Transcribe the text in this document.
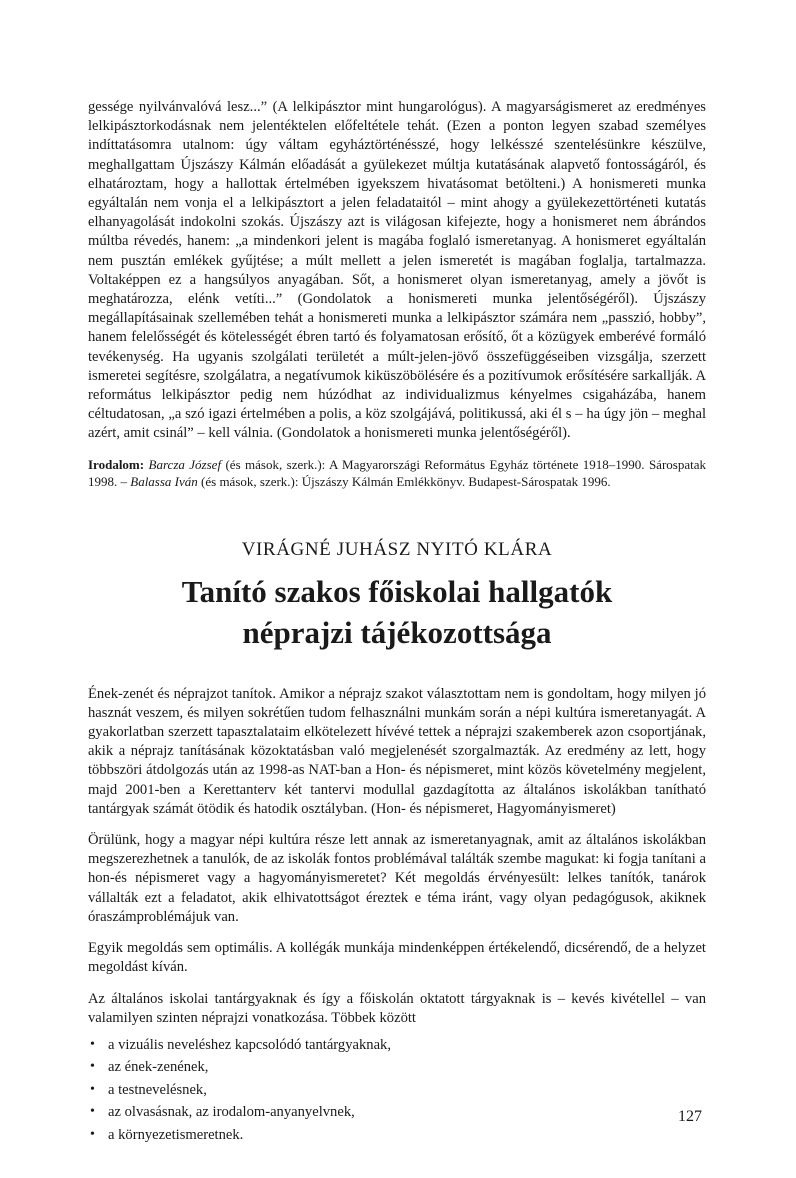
gessége nyilvánvalóvá lesz...” (A lelkipásztor mint hungarológus). A magyarságismeret az eredményes lelkipásztorkodásnak nem jelentéktelen előfeltétele tehát. (Ezen a ponton legyen szabad személyes indíttatásomra utalnom: úgy váltam egyháztörténésszé, hogy lelkésszé szentelésünkre készülve, meghallgattam Újszászy Kálmán előadását a gyülekezet múltja kutatásának alapvető fontosságáról, és elhatároztam, hogy a hallottak értelmében igyekszem hivatásomat betölteni.) A honismereti munka egyáltalán nem vonja el a lelkipásztort a jelen feladataitól – mint ahogy a gyülekezettörténeti kutatás elhanyagolását indokolni szokás. Újszászy azt is világosan kifejezte, hogy a honismeret nem ábrándos múltba révedés, hanem: „a mindenkori jelent is magába foglaló ismeretanyag. A honismeret egyáltalán nem pusztán emlékek gyűjtése; a múlt mellett a jelen ismeretét is magában foglalja, tartalmazza. Voltaképpen ez a hangsúlyos anyagában. Sőt, a honismeret olyan ismeretanyag, amely a jövőt is meghatározza, elénk vetíti...” (Gondolatok a honismereti munka jelentőségéről). Újszászy megállapításainak szellemében tehát a honismereti munka a lelkipásztor számára nem „passzió, hobby”, hanem felelősségét és kötelességét ébren tartó és folyamatosan erősítő, őt a közügyek emberévé formáló tevékenység. Ha ugyanis szolgálati területét a múlt-jelen-jövő összefüggéseiben vizsgálja, szerzett ismeretei segítésre, szolgálatra, a negatívumok kiküszöbölésére és a pozitívumok erősítésére sarkallják. A református lelkipásztor pedig nem húzódhat az individualizmus kényelmes csigaházába, hanem céltudatosan, „a szó igazi értelmében a polis, a köz szolgájává, politikussá, aki él s – ha úgy jön – meghal azért, amit csinál” – kell válnia. (Gondolatok a honismereti munka jelentőségéről).

Irodalom: Barcza József (és mások, szerk.): A Magyarországi Református Egyház története 1918–1990. Sárospatak 1998. – Balassa Iván (és mások, szerk.): Újszászy Kálmán Emlékkönyv. Budapest-Sárospatak 1996.
VIRÁGNÉ JUHÁSZ NYITÓ KLÁRA
Tanító szakos főiskolai hallgatók
néprajzi tájékozottsága

Ének-zenét és néprajzot tanítok. Amikor a néprajz szakot választottam nem is gondoltam, hogy milyen jó hasznát veszem, és milyen sokrétűen tudom felhasználni munkám során a népi kultúra ismeretanyagát. A gyakorlatban szerzett tapasztalataim elkötelezett hívévé tettek a néprajzi szakemberek azon csoportjának, akik a néprajz tanításának közoktatásban való megjelenését szorgalmazták. Az eredmény az lett, hogy többszöri átdolgozás után az 1998-as NAT-ban a Hon- és népismeret, mint közös követelmény megjelent, majd 2001-ben a Kerettanterv két tantervi modullal gazdagította az általános iskolákban tanítható tantárgyak számát ötödik és hatodik osztályban. (Hon- és népismeret, Hagyományismeret)

Örülünk, hogy a magyar népi kultúra része lett annak az ismeretanyagnak, amit az általános iskolákban megszerezhetnek a tanulók, de az iskolák fontos problémával találták szembe magukat: ki fogja tanítani a hon-és népismeret vagy a hagyományismeretet? Két megoldás érvényesült: lelkes tanítók, tanárok vállalták ezt a feladatot, akik elhivatottságot éreztek e téma iránt, vagy olyan pedagógusok, akiknek óraszámproblémájuk van.

Egyik megoldás sem optimális. A kollégák munkája mindenképpen értékelendő, dicsérendő, de a helyzet megoldást kíván.

Az általános iskolai tantárgyaknak és így a főiskolán oktatott tárgyaknak is – kevés kivétellel – van valamilyen szinten néprajzi vonatkozása. Többek között

• a vizuális neveléshez kapcsolódó tantárgyaknak,
• az ének-zenének,
• a testnevelésnek,
• az olvasásnak, az irodalom-anyanyelvnek,
• a környezetismeretnek.
127
